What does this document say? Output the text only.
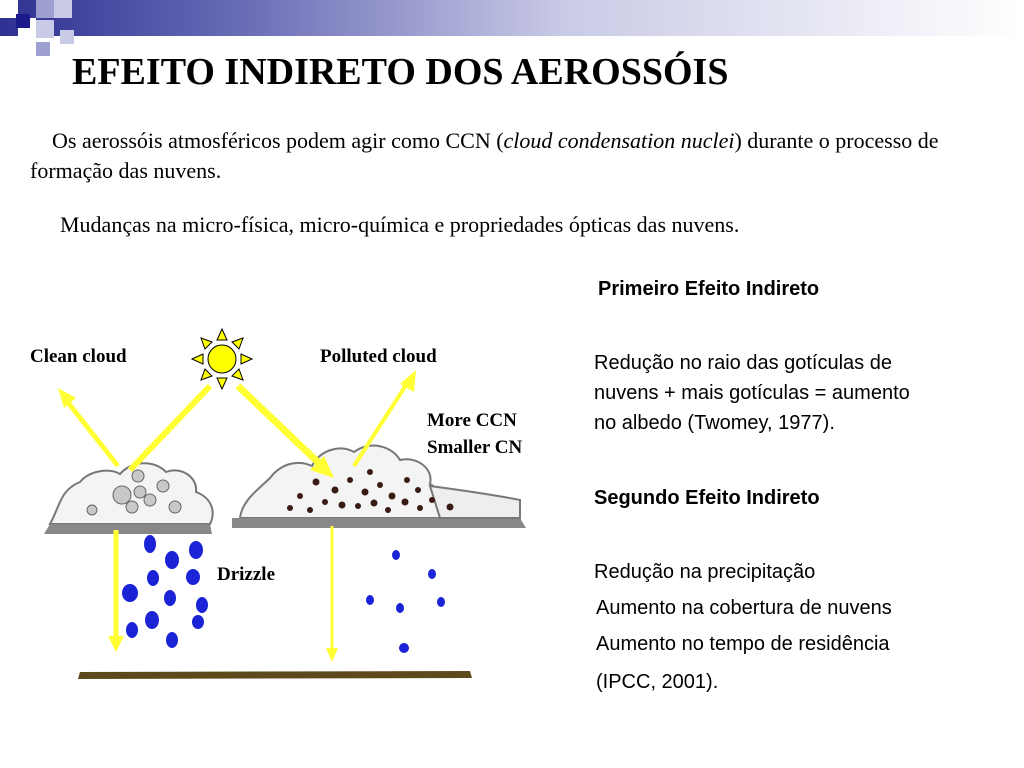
EFEITO INDIRETO DOS AEROSSÓIS

Os aerossóis atmosféricos podem agir como CCN (cloud condensation nuclei) durante o processo de formação das nuvens.

Mudanças na micro-física, micro-química e propriedades ópticas das nuvens.

Clean cloud	Polluted cloud
More CCN
Smaller CN
Drizzle

Primeiro Efeito Indireto

Redução no raio das gotículas de

nuvens + mais gotículas = aumento

no albedo (Twomey, 1977).

Segundo Efeito Indireto

Redução na precipitação

Aumento na cobertura de nuvens

Aumento no tempo de residência

(IPCC, 2001).
